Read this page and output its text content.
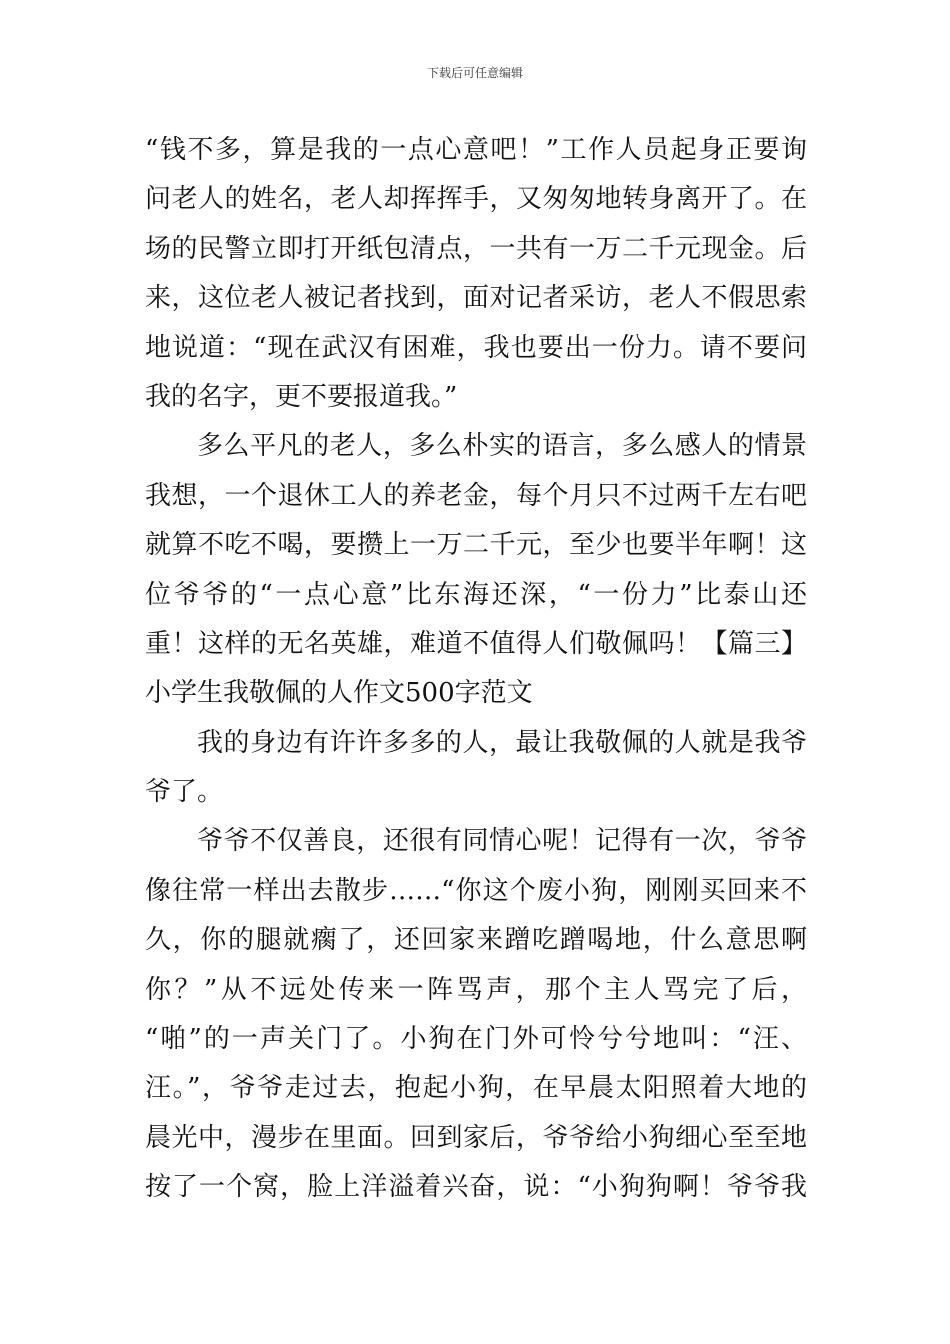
下载后可任意编辑
“钱不多，算是我的一点心意吧！”工作人员起身正要询
问老人的姓名，老人却挥挥手，又匆匆地转身离开了。在
场的民警立即打开纸包清点，一共有一万二千元现金。后
来，这位老人被记者找到，面对记者采访，老人不假思索
地说道：“现在武汉有困难，我也要出一份力。请不要问
我的名字，更不要报道我。”
多么平凡的老人，多么朴实的语言，多么感人的情景
我想，一个退休工人的养老金，每个月只不过两千左右吧
就算不吃不喝，要攒上一万二千元，至少也要半年啊！这
位爷爷的“一点心意”比东海还深，“一份力”比泰山还
重！这样的无名英雄，难道不值得人们敬佩吗！【篇三】
小学生我敬佩的人作文500字范文
我的身边有许许多多的人，最让我敬佩的人就是我爷
爷了。
爷爷不仅善良，还很有同情心呢！记得有一次，爷爷
像往常一样出去散步……“你这个废小狗，刚刚买回来不
久，你的腿就瘸了，还回家来蹭吃蹭喝地，什么意思啊
你？”从不远处传来一阵骂声，那个主人骂完了后，
“啪”的一声关门了。小狗在门外可怜兮兮地叫：“汪、
汪。”，爷爷走过去，抱起小狗，在早晨太阳照着大地的
晨光中，漫步在里面。回到家后，爷爷给小狗细心至至地
按了一个窝，脸上洋溢着兴奋，说：“小狗狗啊！爷爷我
